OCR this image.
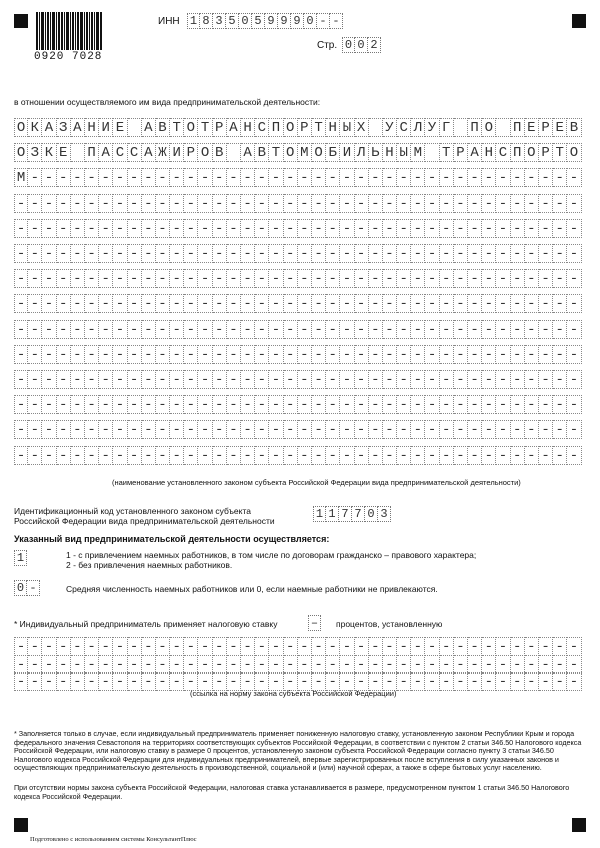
0920 7028
ИНН 1 8 3 5 0 5 9 9 9 0 - -
Стр. 0 0 2
в отношении осуществляемого им вида предпринимательской деятельности:
О К А З А Н И Е А В Т О Т Р А Н С П О Р Т Н Ы Х У С Л У Г П О П Е Р Е В
О З К Е П А С С А Ж И Р О В А В Т О М О Б И Л Ь Н Ы М Т Р А Н С П О Р Т О
М - - - - - - - - - - - - - - - - - - - - - - - - - - - - - - - - - - - - - - -
- - - - - - - - - - - - - - - - - - - - - - - - - - - - - - - - - - - - - - - -
- - - - - - - - - - - - - - - - - - - - - - - - - - - - - - - - - - - - - - - -
- - - - - - - - - - - - - - - - - - - - - - - - - - - - - - - - - - - - - - - -
- - - - - - - - - - - - - - - - - - - - - - - - - - - - - - - - - - - - - - - -
- - - - - - - - - - - - - - - - - - - - - - - - - - - - - - - - - - - - - - - -
- - - - - - - - - - - - - - - - - - - - - - - - - - - - - - - - - - - - - - - -
- - - - - - - - - - - - - - - - - - - - - - - - - - - - - - - - - - - - - - - -
- - - - - - - - - - - - - - - - - - - - - - - - - - - - - - - - - - - - - - - -
- - - - - - - - - - - - - - - - - - - - - - - - - - - - - - - - - - - - - - - -
- - - - - - - - - - - - - - - - - - - - - - - - - - - - - - - - - - - - - - - -
- - - - - - - - - - - - - - - - - - - - - - - - - - - - - - - - - - - - - - - -
(наименование установленного законом субъекта Российской Федерации вида предпринимательской деятельности)
Идентификационный код установленного законом субъекта
Российской Федерации вида предпринимательской деятельности	1 1 7 7 0 3
Указанный вид предпринимательской деятельности осуществляется:
1	1 - с привлечением наемных работников, в том числе по договорам гражданско – правового характера;
2 - без привлечения наемных работников.
0 -	Средняя численность наемных работников или 0, если наемные работники не привлекаются.
* Индивидуальный предприниматель применяет налоговую ставку	–	процентов, установленную
- - - - - - - - - - - - - - - - - - - - - - - - - - - - - - - - - - - - - - - -
- - - - - - - - - - - - - - - - - - - - - - - - - - - - - - - - - - - - - - - -
- - - - - - - - - - - - - - - - - - - - - - - - - - - - - - - - - - - - - - - -
(ссылка на норму закона субъекта Российской Федерации)
* Заполняется только в случае, если индивидуальный предприниматель применяет пониженную налоговую ставку, установленную законом Республики Крым и города федерального значения Севастополя на территориях соответствующих субъектов Российской Федерации, в соответствии с пунктом 2 статьи 346.50 Налогового кодекса Российской Федерации, или налоговую ставку в размере 0 процентов, установленную законом субъекта Российской Федерации согласно пункту 3 статьи 346.50 Налогового кодекса Российской Федерации для индивидуальных предпринимателей, впервые зарегистрированных после вступления в силу указанных законов и осуществляющих предпринимательскую деятельность в производственной, социальной и (или) научной сферах, а также в сфере бытовых услуг населению.
При отсутствии нормы закона субъекта Российской Федерации, налоговая ставка устанавливается в размере, предусмотренном пунктом 1 статьи 346.50 Налогового кодекса Российской Федерации.
Подготовлено с использованием системы КонсультантПлюс
